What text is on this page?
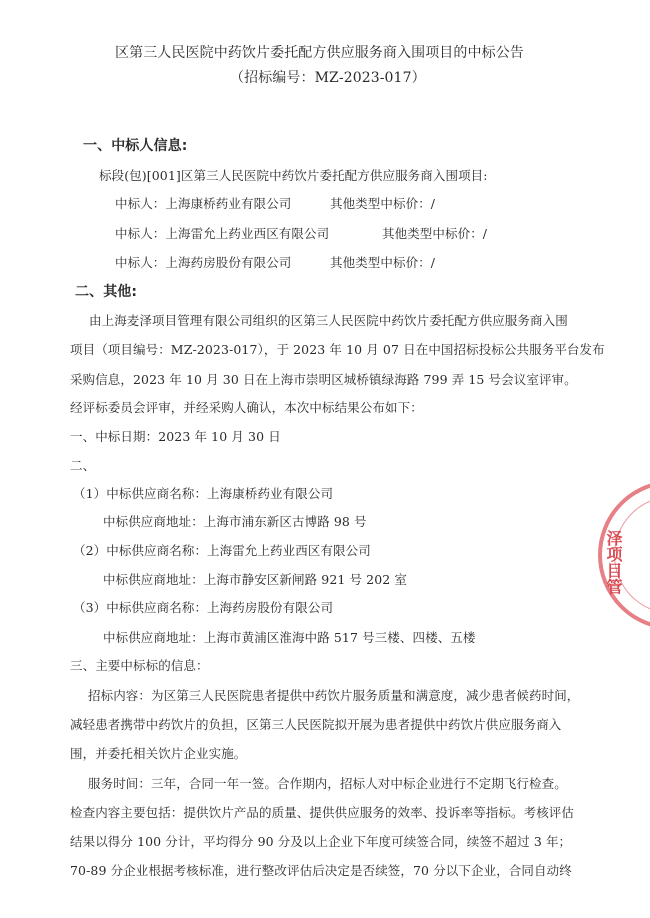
区第三人民医院中药饮片委托配方供应服务商入围项目的中标公告
（招标编号：MZ-2023-017）
一、中标人信息:
标段(包)[001]区第三人民医院中药饮片委托配方供应服务商入围项目:
中标人：上海康桥药业有限公司	其他类型中标价：/
中标人：上海雷允上药业西区有限公司	其他类型中标价：/
中标人：上海药房股份有限公司	其他类型中标价：/
二、其他:
由上海麦泽项目管理有限公司组织的区第三人民医院中药饮片委托配方供应服务商入围
项目（项目编号：MZ-2023-017），于 2023 年 10 月 07 日在中国招标投标公共服务平台发布
采购信息，2023 年 10 月 30 日在上海市崇明区城桥镇绿海路 799 弄 15 号会议室评审。
经评标委员会评审，并经采购人确认，本次中标结果公布如下：
一、中标日期：2023 年 10 月 30 日
二、
（1）中标供应商名称：上海康桥药业有限公司
中标供应商地址：上海市浦东新区古博路 98 号
（2）中标供应商名称：上海雷允上药业西区有限公司
中标供应商地址：上海市静安区新闸路 921 号 202 室
（3）中标供应商名称：上海药房股份有限公司
中标供应商地址：上海市黄浦区淮海中路 517 号三楼、四楼、五楼
三、主要中标标的信息：
招标内容：为区第三人民医院患者提供中药饮片服务质量和满意度，减少患者候药时间，
减轻患者携带中药饮片的负担，区第三人民医院拟开展为患者提供中药饮片供应服务商入
围，并委托相关饮片企业实施。
服务时间：三年，合同一年一签。合作期内，招标人对中标企业进行不定期飞行检查。
检查内容主要包括：提供饮片产品的质量、提供供应服务的效率、投诉率等指标。考核评估
结果以得分 100 分计，平均得分 90 分及以上企业下年度可续签合同，续签不超过 3 年；
70-89 分企业根据考核标准，进行整改评估后决定是否续签，70 分以下企业，合同自动终
泽项目管
